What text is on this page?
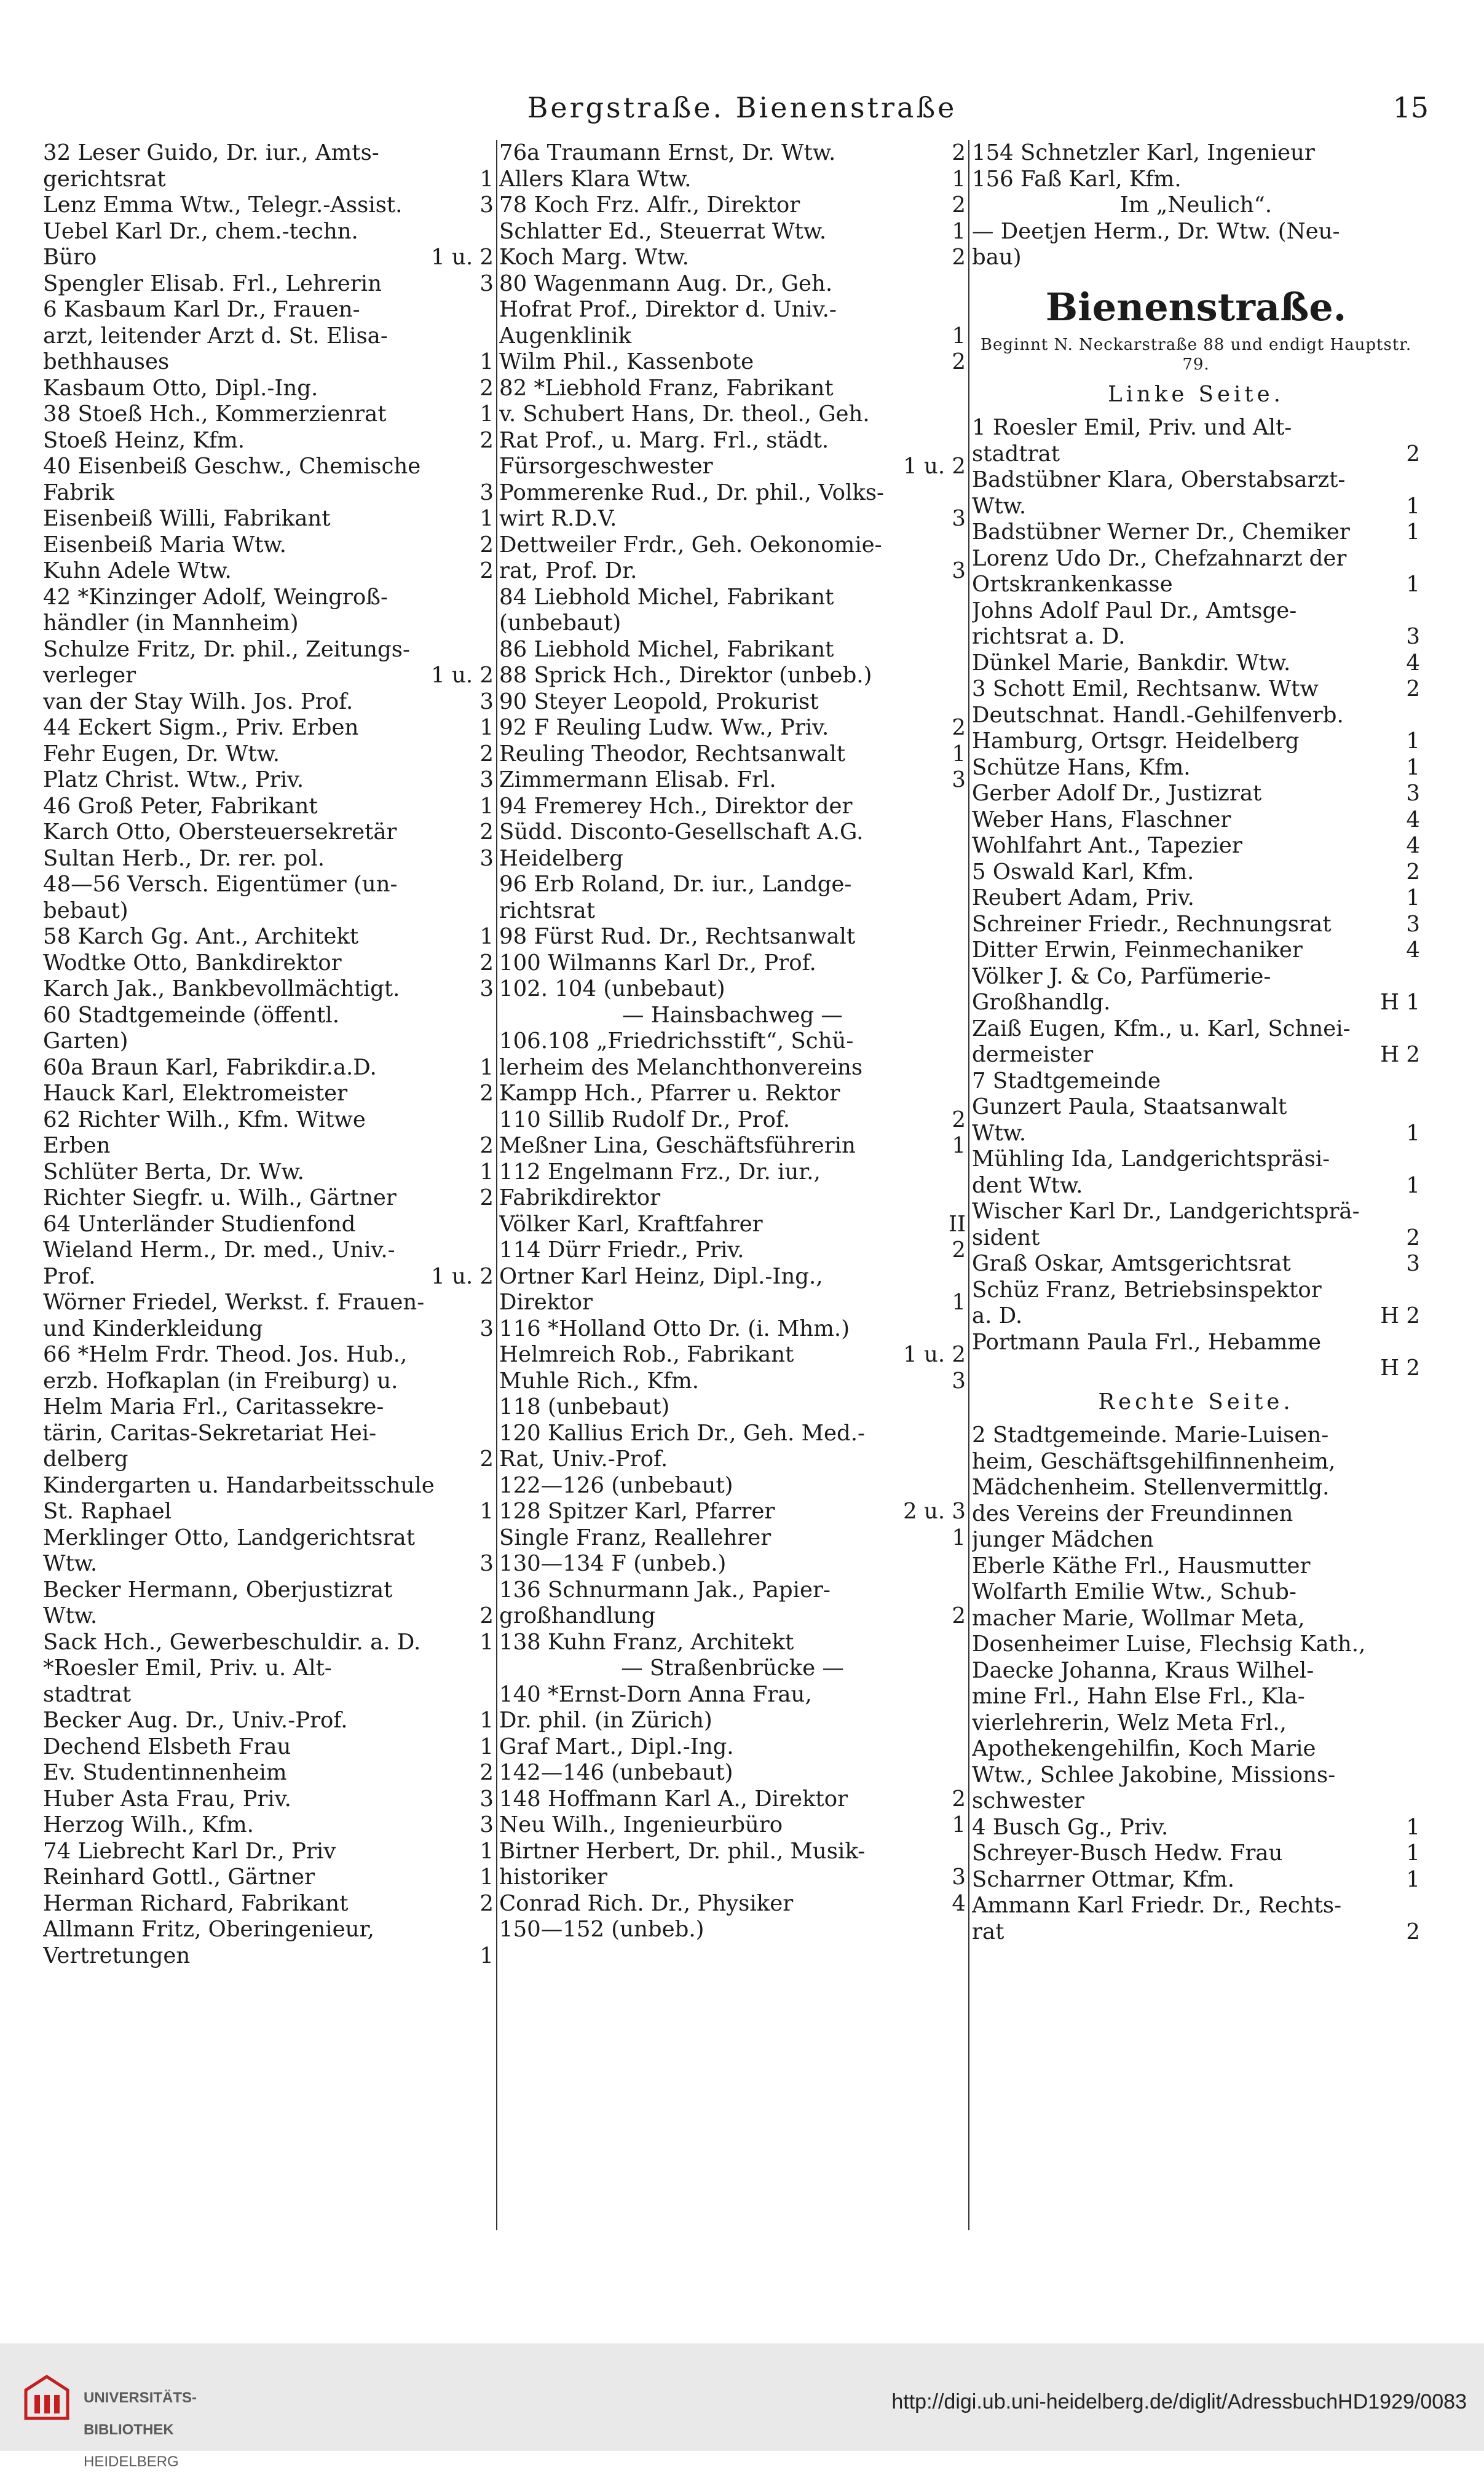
Bergstraße. Bienenstraße	15
32 Leser Guido, Dr. iur., Amts-
gerichtsrat	1
Lenz Emma Wtw., Telegr.-Assist.	3
Uebel Karl Dr., chem.-techn.
Büro	1 u. 2
Spengler Elisab. Frl., Lehrerin	3
6 Kasbaum Karl Dr., Frauen-
arzt, leitender Arzt d. St. Elisa-
bethhauses	1
Kasbaum Otto, Dipl.-Ing.	2
38 Stoeß Hch., Kommerzienrat	1
Stoeß Heinz, Kfm.	2
40 Eisenbeiß Geschw., Chemische
Fabrik	3
Eisenbeiß Willi, Fabrikant	1
Eisenbeiß Maria Wtw.	2
Kuhn Adele Wtw.	2
42 *Kinzinger Adolf, Weingroß-
händler (in Mannheim)
Schulze Fritz, Dr. phil., Zeitungs-
verleger	1 u. 2
van der Stay Wilh. Jos. Prof.	3
44 Eckert Sigm., Priv. Erben	1
Fehr Eugen, Dr. Wtw.	2
Platz Christ. Wtw., Priv.	3
46 Groß Peter, Fabrikant	1
Karch Otto, Obersteuersekretär	2
Sultan Herb., Dr. rer. pol.	3
48—56 Versch. Eigentümer (un-
bebaut)
58 Karch Gg. Ant., Architekt	1
Wodtke Otto, Bankdirektor	2
Karch Jak., Bankbevollmächtigt.	3
60 Stadtgemeinde (öffentl.
Garten)
60a Braun Karl, Fabrikdir.a.D.	1
Hauck Karl, Elektromeister	2
62 Richter Wilh., Kfm. Witwe
Erben	2
Schlüter Berta, Dr. Ww.	1
Richter Siegfr. u. Wilh., Gärtner	2
64 Unterländer Studienfond
Wieland Herm., Dr. med., Univ.-
Prof.	1 u. 2
Wörner Friedel, Werkst. f. Frauen-
und Kinderkleidung	3
66 *Helm Frdr. Theod. Jos. Hub.,
erzb. Hofkaplan (in Freiburg) u.
Helm Maria Frl., Caritassekre-
tärin, Caritas-Sekretariat Hei-
delberg	2
Kindergarten u. Handarbeitsschule
St. Raphael	1
Merklinger Otto, Landgerichtsrat
Wtw.	3
Becker Hermann, Oberjustizrat
Wtw.	2
Sack Hch., Gewerbeschuldir. a. D.	1
*Roesler Emil, Priv. u. Alt-
stadtrat
Becker Aug. Dr., Univ.-Prof.	1
Dechend Elsbeth Frau	1
Ev. Studentinnenheim	2
Huber Asta Frau, Priv.	3
Herzog Wilh., Kfm.	3
74 Liebrecht Karl Dr., Priv	1
Reinhard Gottl., Gärtner	1
Herman Richard, Fabrikant	2
Allmann Fritz, Oberingenieur,
Vertretungen	1
76a Traumann Ernst, Dr. Wtw.	2
Allers Klara Wtw.	1
78 Koch Frz. Alfr., Direktor	2
Schlatter Ed., Steuerrat Wtw.	1
Koch Marg. Wtw.	2
80 Wagenmann Aug. Dr., Geh.
Hofrat Prof., Direktor d. Univ.-
Augenklinik	1
Wilm Phil., Kassenbote	2
82 *Liebhold Franz, Fabrikant
v. Schubert Hans, Dr. theol., Geh.
Rat Prof., u. Marg. Frl., städt.
Fürsorgeschwester	1 u. 2
Pommerenke Rud., Dr. phil., Volks-
wirt R.D.V.	3
Dettweiler Frdr., Geh. Oekonomie-
rat, Prof. Dr.	3
84 Liebhold Michel, Fabrikant
(unbebaut)
86 Liebhold Michel, Fabrikant
88 Sprick Hch., Direktor (unbeb.)
90 Steyer Leopold, Prokurist
92 F Reuling Ludw. Ww., Priv.	2
Reuling Theodor, Rechtsanwalt	1
Zimmermann Elisab. Frl.	3
94 Fremerey Hch., Direktor der
Südd. Disconto-Gesellschaft A.G.
Heidelberg
96 Erb Roland, Dr. iur., Landge-
richtsrat
98 Fürst Rud. Dr., Rechtsanwalt
100 Wilmanns Karl Dr., Prof.
102. 104 (unbebaut)
— Hainsbachweg —
106.108 „Friedrichsstift“, Schü-
lerheim des Melanchthonvereins
Kampp Hch., Pfarrer u. Rektor
110 Sillib Rudolf Dr., Prof.	2
Meßner Lina, Geschäftsführerin	1
112 Engelmann Frz., Dr. iur.,
Fabrikdirektor
Völker Karl, Kraftfahrer	II
114 Dürr Friedr., Priv.	2
Ortner Karl Heinz, Dipl.-Ing.,
Direktor	1
116 *Holland Otto Dr. (i. Mhm.)
Helmreich Rob., Fabrikant	1 u. 2
Muhle Rich., Kfm.	3
118 (unbebaut)
120 Kallius Erich Dr., Geh. Med.-
Rat, Univ.-Prof.
122—126 (unbebaut)
128 Spitzer Karl, Pfarrer	2 u. 3
Single Franz, Reallehrer	1
130—134 F (unbeb.)
136 Schnurmann Jak., Papier-
großhandlung	2
138 Kuhn Franz, Architekt
— Straßenbrücke —
140 *Ernst-Dorn Anna Frau,
Dr. phil. (in Zürich)
Graf Mart., Dipl.-Ing.
142—146 (unbebaut)
148 Hoffmann Karl A., Direktor	2
Neu Wilh., Ingenieurbüro	1
Birtner Herbert, Dr. phil., Musik-
historiker	3
Conrad Rich. Dr., Physiker	4
150—152 (unbeb.)
154 Schnetzler Karl, Ingenieur
156 Faß Karl, Kfm.
Im „Neulich“.
— Deetjen Herm., Dr. Wtw. (Neu-
bau)
Bienenstraße.
Beginnt N. Neckarstraße 88 und endigt Hauptstr. 79.
Linke Seite.
1 Roesler Emil, Priv. und Alt-
stadtrat	2
Badstübner Klara, Oberstabsarzt-
Wtw.	1
Badstübner Werner Dr., Chemiker	1
Lorenz Udo Dr., Chefzahnarzt der
Ortskrankenkasse	1
Johns Adolf Paul Dr., Amtsge-
richtsrat a. D.	3
Dünkel Marie, Bankdir. Wtw.	4
3 Schott Emil, Rechtsanw. Wtw	2
Deutschnat. Handl.-Gehilfenverb.
Hamburg, Ortsgr. Heidelberg	1
Schütze Hans, Kfm.	1
Gerber Adolf Dr., Justizrat	3
Weber Hans, Flaschner	4
Wohlfahrt Ant., Tapezier	4
5 Oswald Karl, Kfm.	2
Reubert Adam, Priv.	1
Schreiner Friedr., Rechnungsrat	3
Ditter Erwin, Feinmechaniker	4
Völker J. & Co, Parfümerie-
Großhandlg.	H 1
Zaiß Eugen, Kfm., u. Karl, Schnei-
dermeister	H 2
7 Stadtgemeinde
Gunzert Paula, Staatsanwalt
Wtw.	1
Mühling Ida, Landgerichtspräsi-
dent Wtw.	1
Wischer Karl Dr., Landgerichtsprä-
sident	2
Graß Oskar, Amtsgerichtsrat	3
Schüz Franz, Betriebsinspektor
a. D.	H 2
Portmann Paula Frl., Hebamme
H 2
Rechte Seite.
2 Stadtgemeinde. Marie-Luisen-
heim, Geschäftsgehilfinnenheim,
Mädchenheim. Stellenvermittlg.
des Vereins der Freundinnen
junger Mädchen
Eberle Käthe Frl., Hausmutter
Wolfarth Emilie Wtw., Schub-
macher Marie, Wollmar Meta,
Dosenheimer Luise, Flechsig Kath.,
Daecke Johanna, Kraus Wilhel-
mine Frl., Hahn Else Frl., Kla-
vierlehrerin, Welz Meta Frl.,
Apothekengehilfin, Koch Marie
Wtw., Schlee Jakobine, Missions-
schwester
4 Busch Gg., Priv.	1
Schreyer-Busch Hedw. Frau	1
Scharrner Ottmar, Kfm.	1
Ammann Karl Friedr. Dr., Rechts-
rat	2

UNIVERSITÄTS-

BIBLIOTHEK

HEIDELBERG

http://digi.ub.uni-heidelberg.de/diglit/AdressbuchHD1929/0083
